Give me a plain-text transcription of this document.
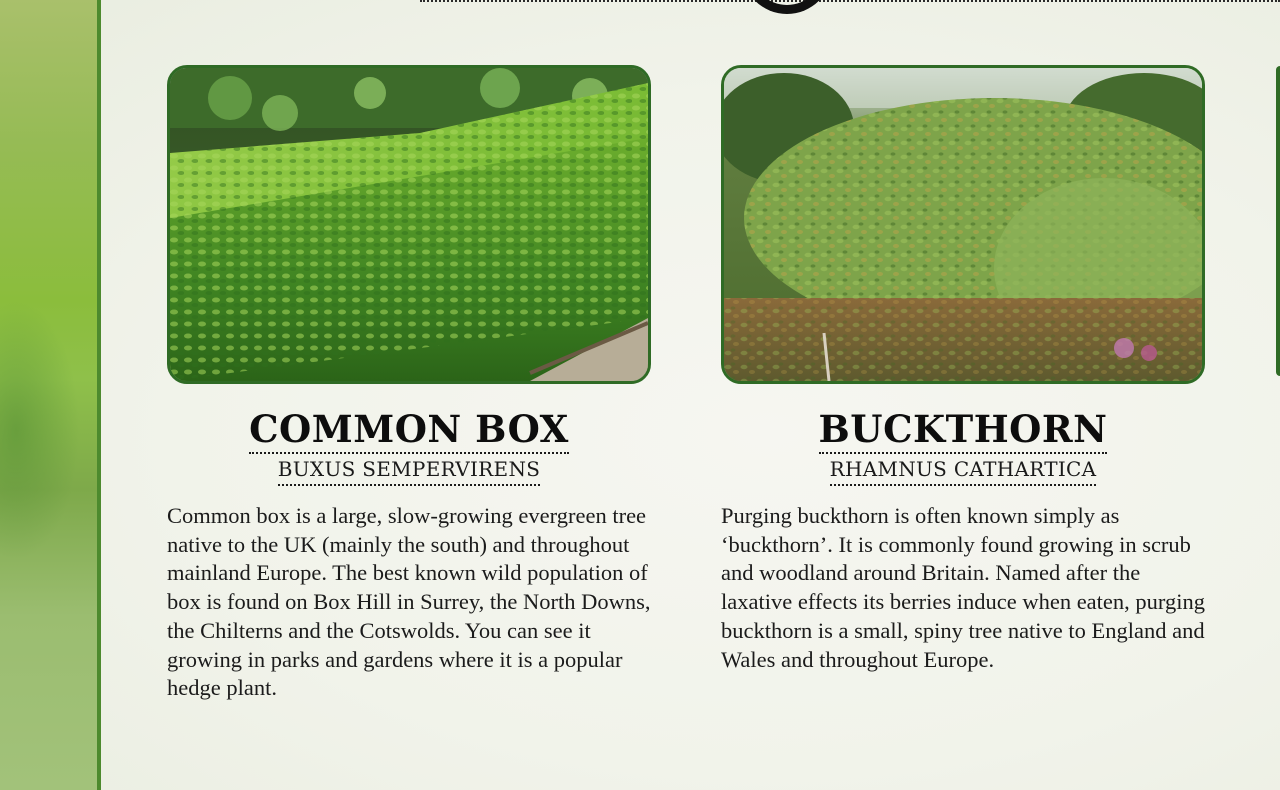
COMMON BOX
BUXUS SEMPERVIRENS
Common box is a large, slow-growing evergreen tree native to the UK (mainly the south) and throughout mainland Europe. The best known wild population of box is found on Box Hill in Surrey, the North Downs, the Chilterns and the Cotswolds. You can see it growing in parks and gardens where it is a popular hedge plant.
BUCKTHORN
RHAMNUS CATHARTICA
Purging buckthorn is often known simply as ‘buckthorn’. It is commonly found growing in scrub and woodland around Britain. Named after the laxative effects its berries induce when eaten, purging buckthorn is a small, spiny tree native to England and Wales and throughout Europe.
